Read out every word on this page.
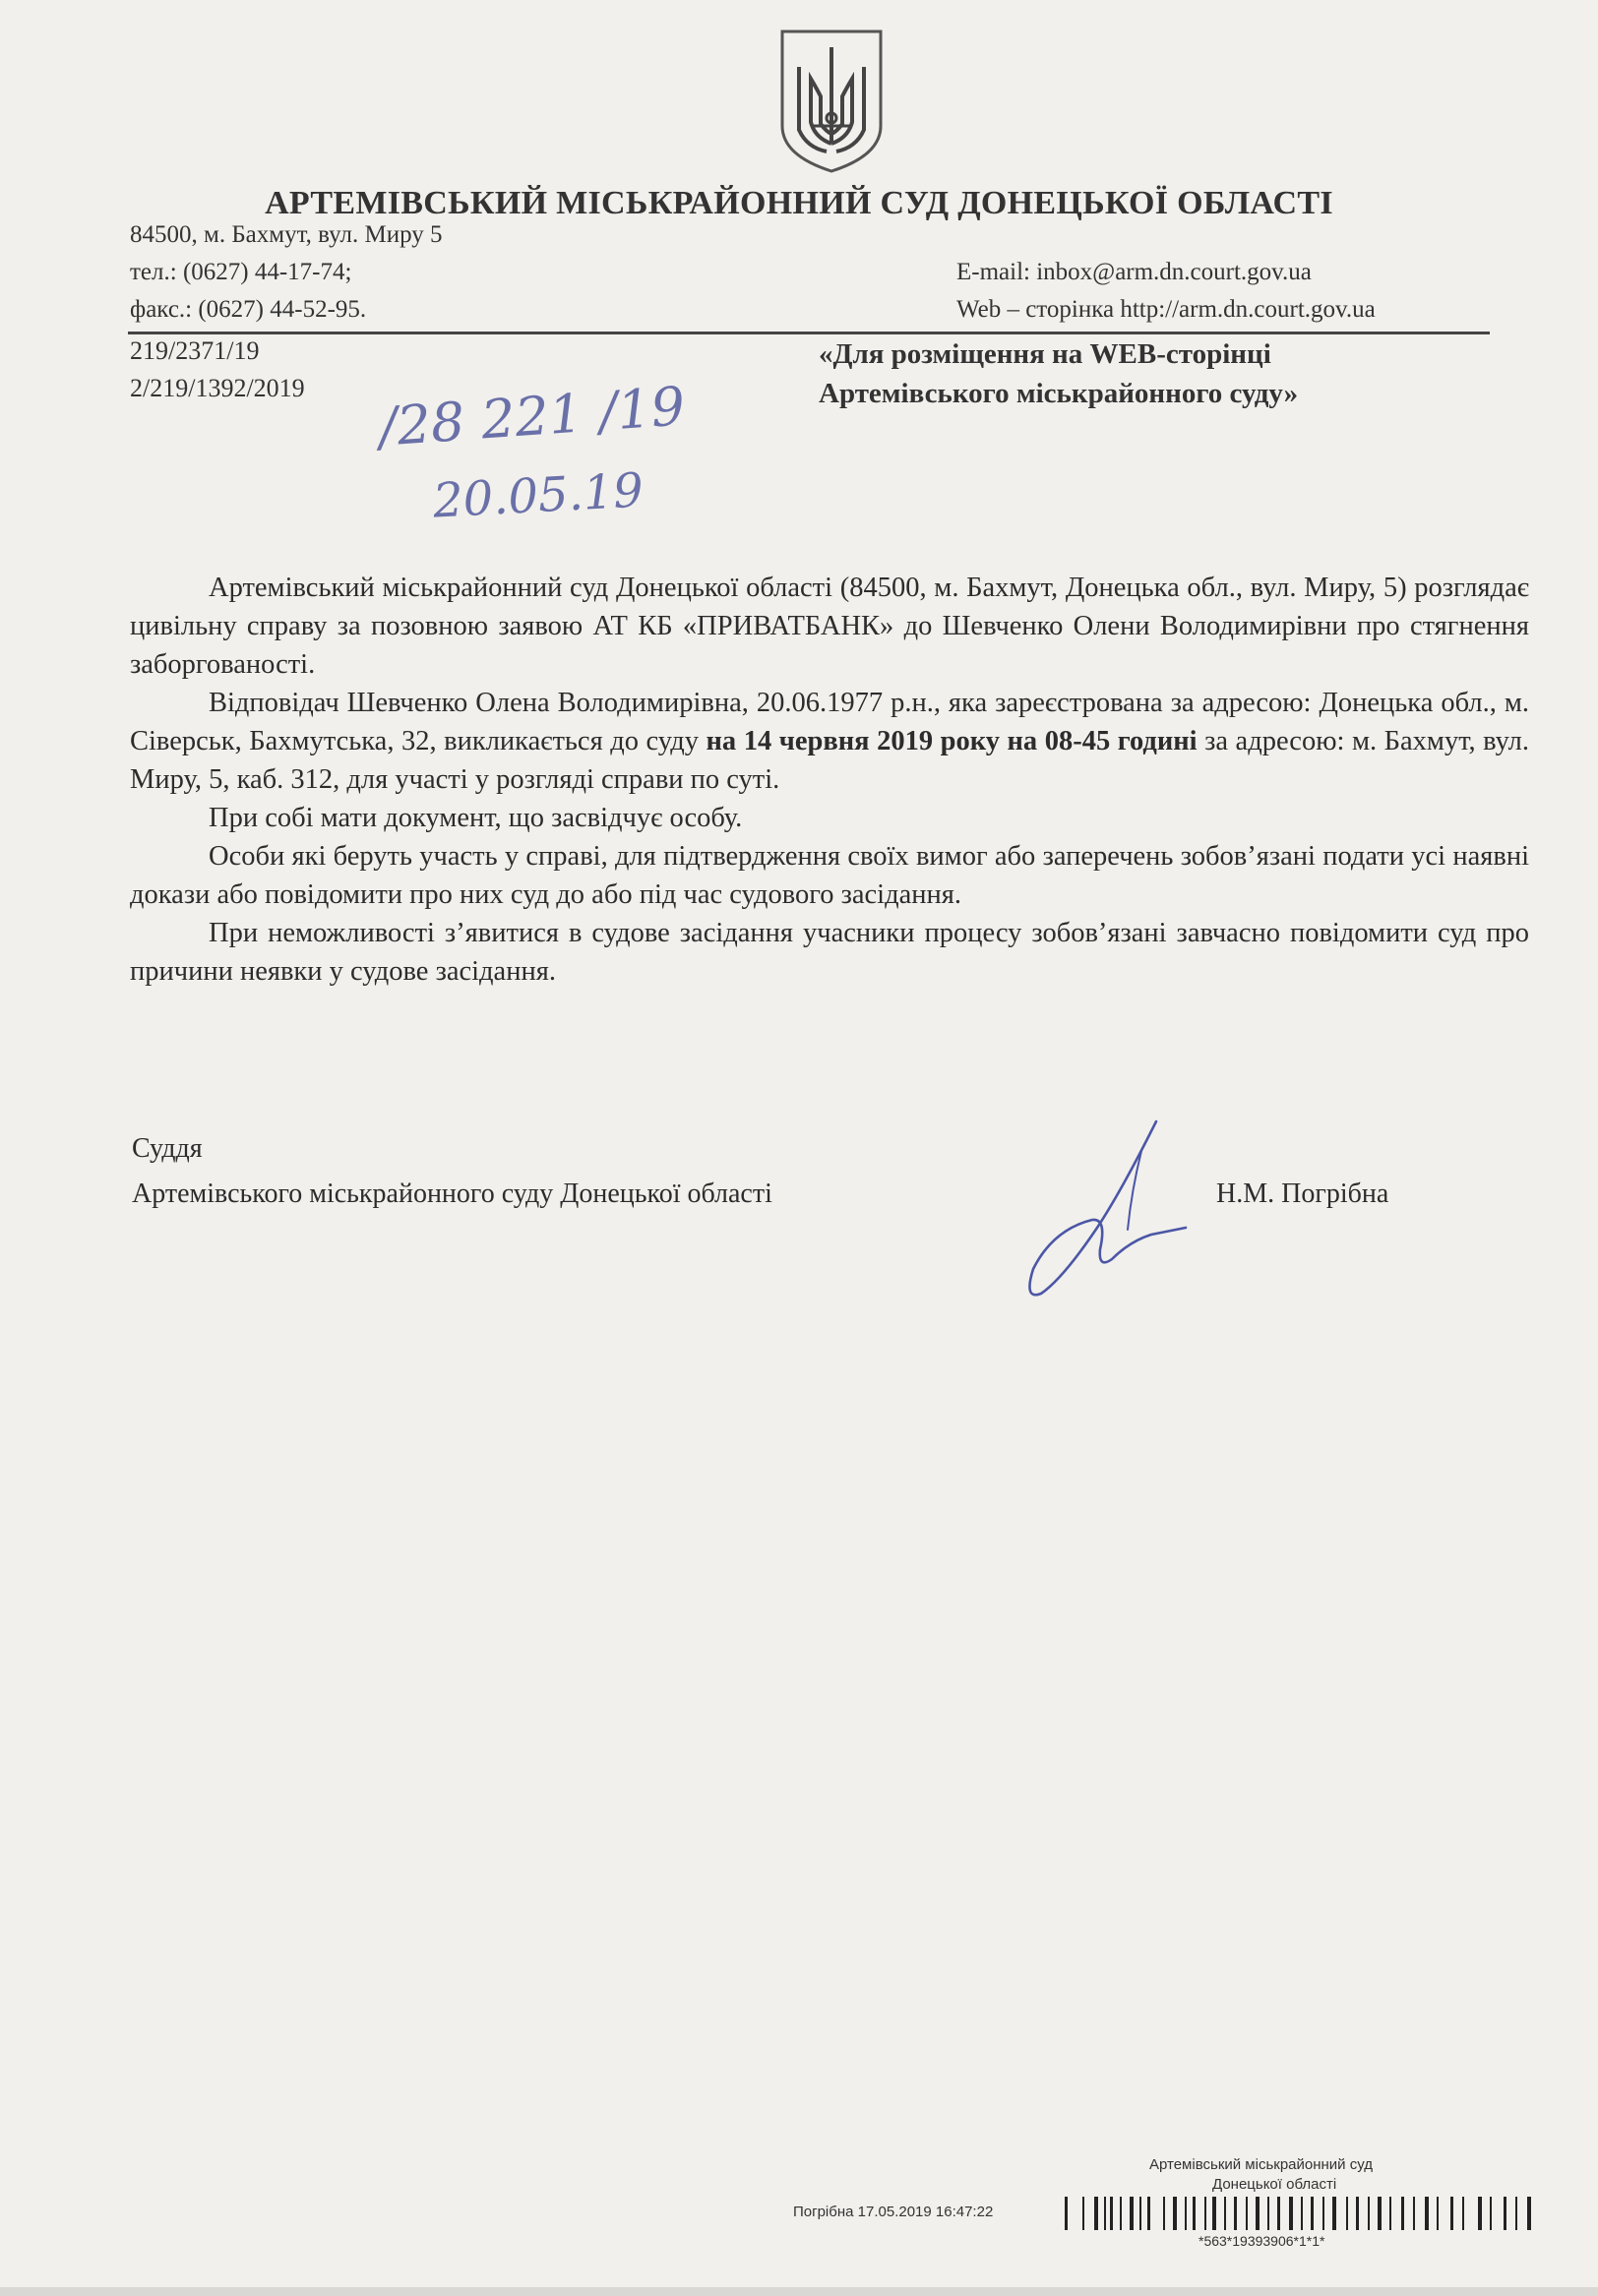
АРТЕМІВСЬКИЙ МІСЬКРАЙОННИЙ СУД ДОНЕЦЬКОЇ ОБЛАСТІ
84500, м. Бахмут, вул. Миру 5
тел.: (0627) 44-17-74;
факс.: (0627) 44-52-95.
E-mail: inbox@arm.dn.court.gov.ua
Web – сторінка http://arm.dn.court.gov.ua
219/2371/19
2/219/1392/2019 /28 221 /19
20.05.19
«Для розміщення на WEB-сторінці
Артемівського міськрайонного суду»

Артемівський міськрайонний суд Донецької області (84500, м. Бахмут, Донецька обл., вул. Миру, 5) розглядає цивільну справу за позовною заявою АТ КБ «ПРИВАТБАНК» до Шевченко Олени Володимирівни про стягнення заборгованості.

Відповідач Шевченко Олена Володимирівна, 20.06.1977 р.н., яка зареєстрована за адресою: Донецька обл., м. Сіверськ, Бахмутська, 32, викликається до суду на 14 червня 2019 року на 08-45 годині за адресою: м. Бахмут, вул. Миру, 5, каб. 312, для участі у розгляді справи по суті.

При собі мати документ, що засвідчує особу.

Особи які беруть участь у справі, для підтвердження своїх вимог або заперечень зобов’язані подати усі наявні докази або повідомити про них суд до або під час судового засідання.

При неможливості з’явитися в судове засідання учасники процесу зобов’язані завчасно повідомити суд про причини неявки у судове засідання.

Суддя
Артемівського міськрайонного суду Донецької області	Н.М. Погрібна
Артемівський міськрайонний суд
Донецької області
Погрібна 17.05.2019 16:47:22
*563*19393906*1*1*
